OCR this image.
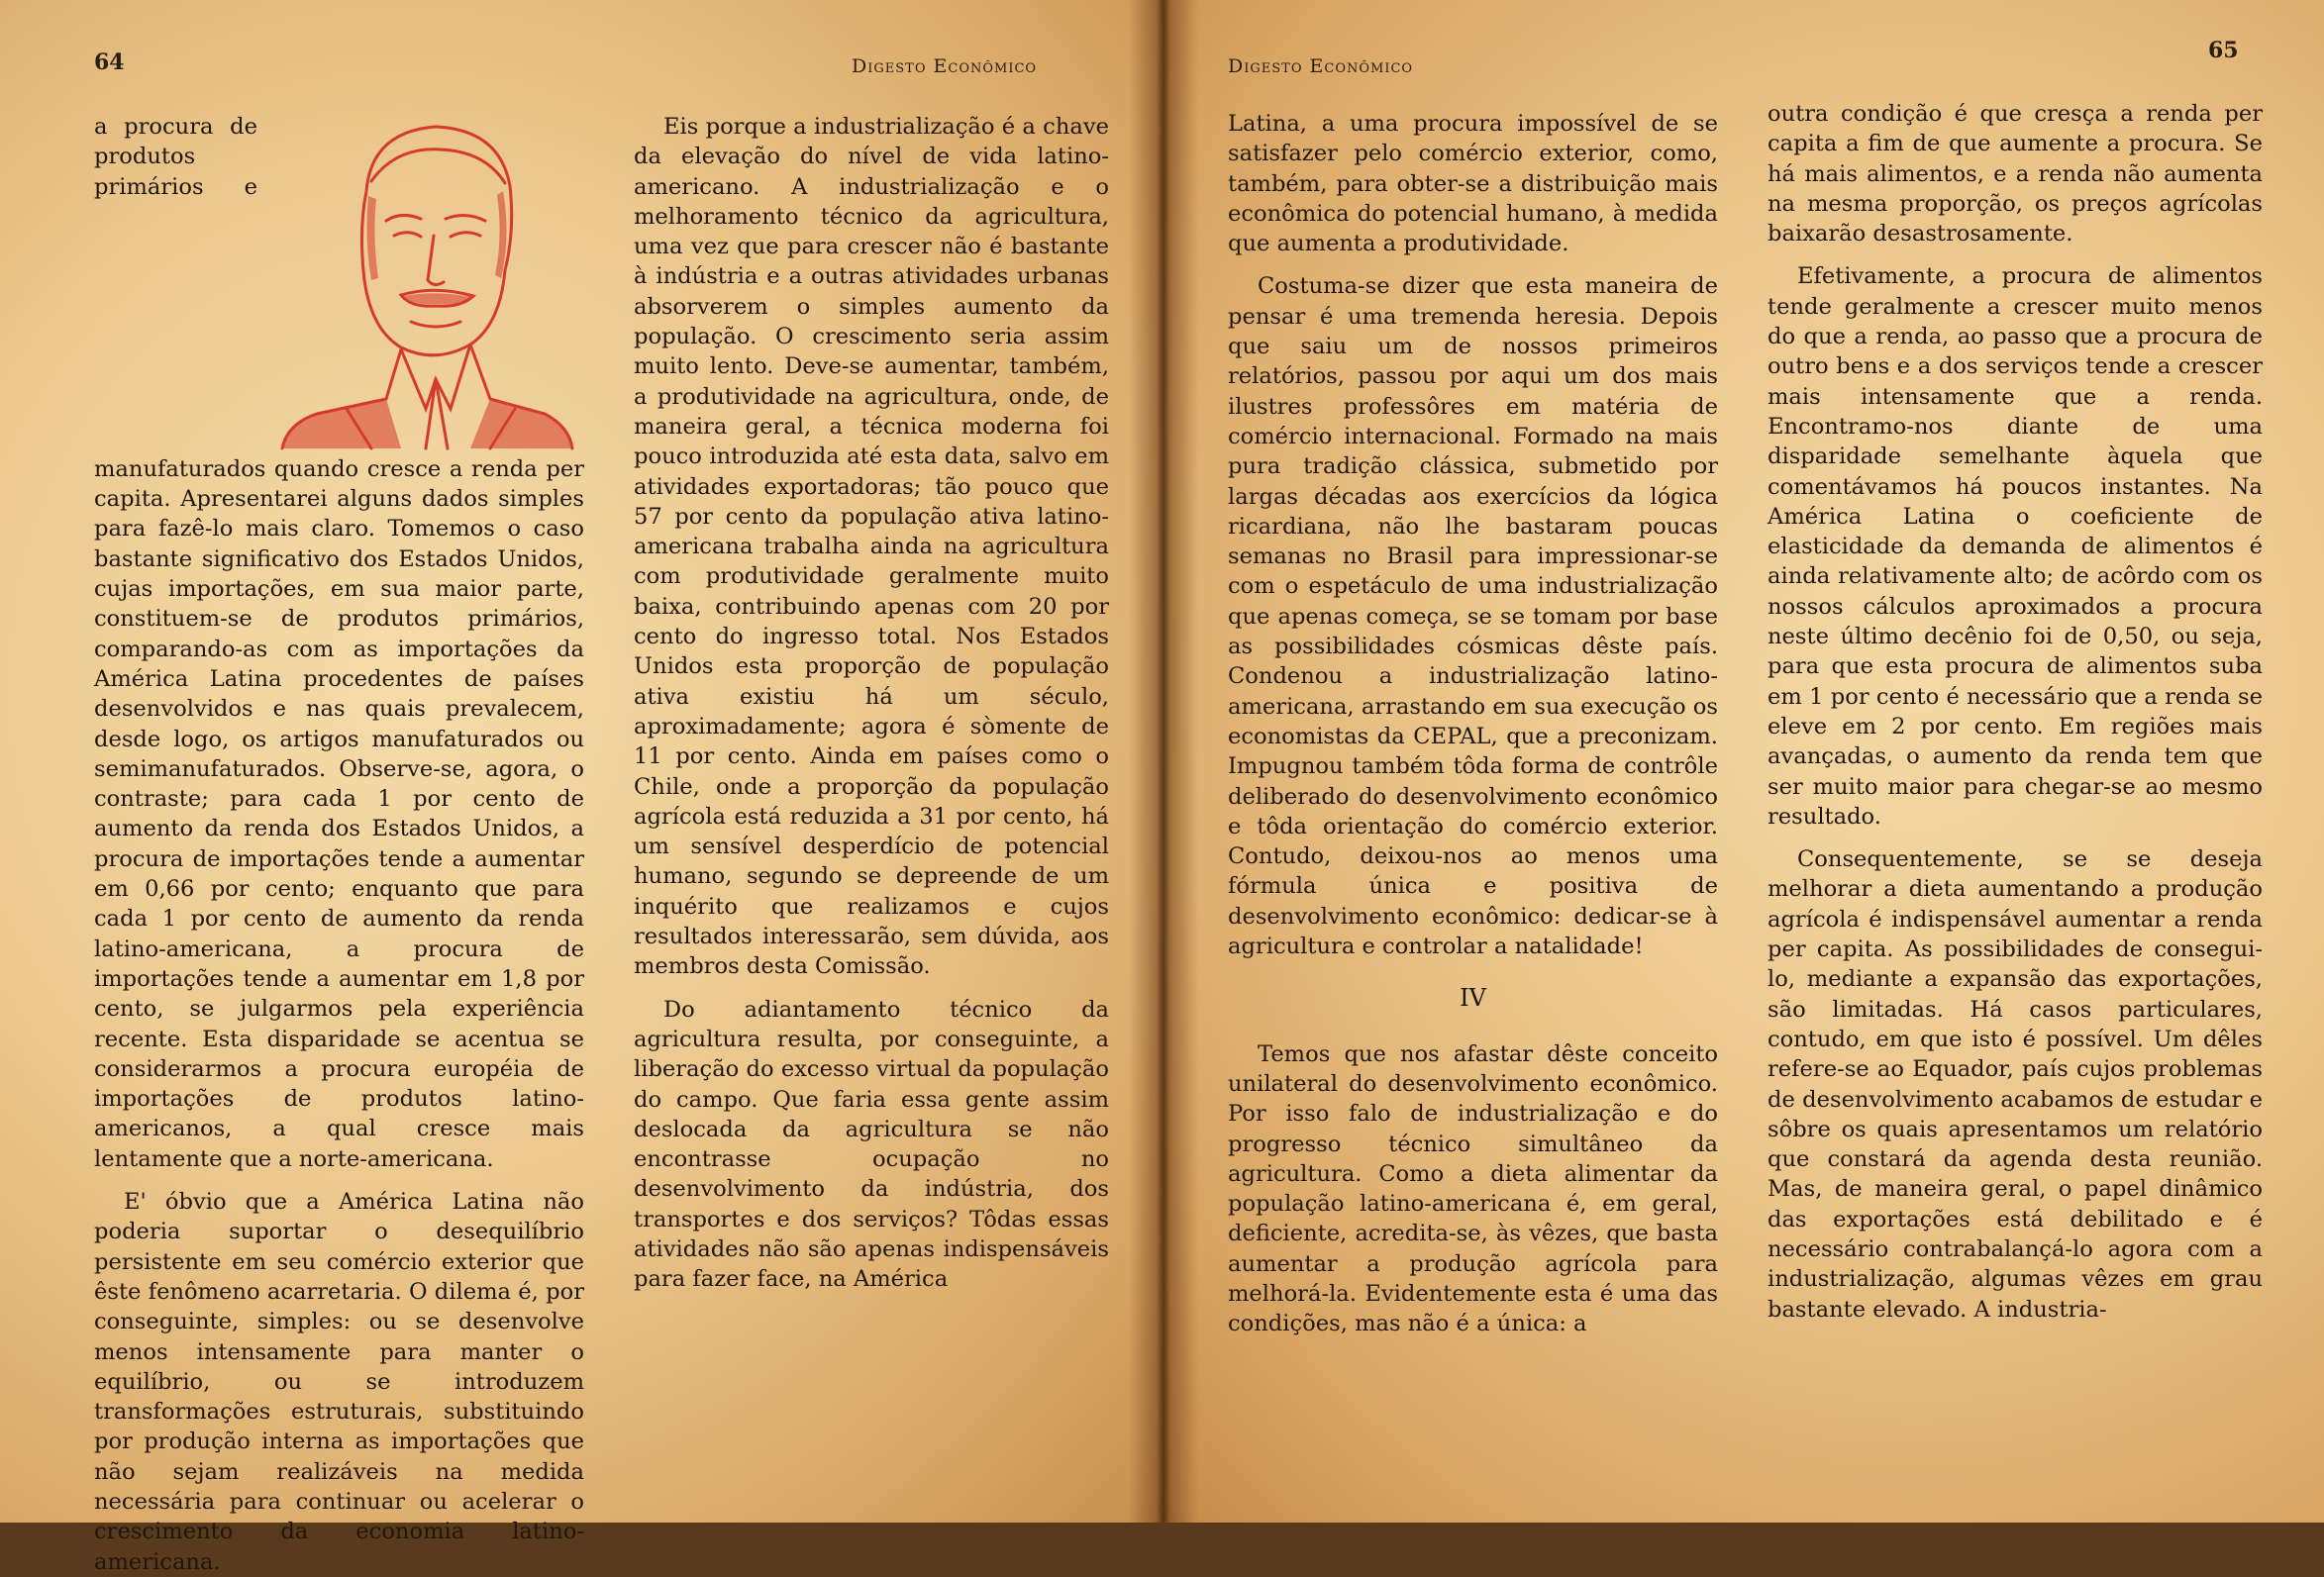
64	Digesto Econômico

a procura de produtos primários e manufaturados quando cresce a renda per capita. Apresentarei alguns dados simples para fazê-lo mais claro. Tomemos o caso bastante significativo dos Estados Unidos, cujas importações, em sua maior parte, constituem-se de produtos primários, comparando-as com as importações da América Latina procedentes de países desenvolvidos e nas quais prevalecem, desde logo, os artigos manufaturados ou semimanufaturados. Observe-se, agora, o contraste; para cada 1 por cento de aumento da renda dos Estados Unidos, a procura de importações tende a aumentar em 0,66 por cento; enquanto que para cada 1 por cento de aumento da renda latino-americana, a procura de importações tende a aumentar em 1,8 por cento, se julgarmos pela experiência recente. Esta disparidade se acentua se considerarmos a procura européia de importações de produtos latino-americanos, a qual cresce mais lentamente que a norte-americana.

E' óbvio que a América Latina não poderia suportar o desequilíbrio persistente em seu comércio exterior que êste fenômeno acarretaria. O dilema é, por conseguinte, simples: ou se desenvolve menos intensamente para manter o equilíbrio, ou se introduzem transformações estruturais, substituindo por produção interna as importações que não sejam realizáveis na medida necessária para continuar ou acelerar o crescimento da economia latino-americana.

Eis porque a industrialização é a chave da elevação do nível de vida latino-americano. A industrialização e o melhoramento técnico da agricultura, uma vez que para crescer não é bastante à indústria e a outras atividades urbanas absorverem o simples aumento da população. O crescimento seria assim muito lento. Deve-se aumentar, também, a produtividade na agricultura, onde, de maneira geral, a técnica moderna foi pouco introduzida até esta data, salvo em atividades exportadoras; tão pouco que 57 por cento da população ativa latino-americana trabalha ainda na agricultura com produtividade geralmente muito baixa, contribuindo apenas com 20 por cento do ingresso total. Nos Estados Unidos esta proporção de população ativa existiu há um século, aproximadamente; agora é sòmente de 11 por cento. Ainda em países como o Chile, onde a proporção da população agrícola está reduzida a 31 por cento, há um sensível desperdício de potencial humano, segundo se depreende de um inquérito que realizamos e cujos resultados interessarão, sem dúvida, aos membros desta Comissão.

Do adiantamento técnico da agricultura resulta, por conseguinte, a liberação do excesso virtual da população do campo. Que faria essa gente assim deslocada da agricultura se não encontrasse ocupação no desenvolvimento da indústria, dos transportes e dos serviços? Tôdas essas atividades não são apenas indispensáveis para fazer face, na América

Digesto Econômico
65

Latina, a uma procura impossível de se satisfazer pelo comércio exterior, como, também, para obter-se a distribuição mais econômica do potencial humano, à medida que aumenta a produtividade.

Costuma-se dizer que esta maneira de pensar é uma tremenda heresia. Depois que saiu um de nossos primeiros relatórios, passou por aqui um dos mais ilustres professôres em matéria de comércio internacional. Formado na mais pura tradição clássica, submetido por largas décadas aos exercícios da lógica ricardiana, não lhe bastaram poucas semanas no Brasil para impressionar-se com o espetáculo de uma industrialização que apenas começa, se se tomam por base as possibilidades cósmicas dêste país. Condenou a industrialização latino-americana, arrastando em sua execução os economistas da CEPAL, que a preconizam. Impugnou também tôda forma de contrôle deliberado do desenvolvimento econômico e tôda orientação do comércio exterior. Contudo, deixou-nos ao menos uma fórmula única e positiva de desenvolvimento econômico: dedicar-se à agricultura e controlar a natalidade!

IV

Temos que nos afastar dêste conceito unilateral do desenvolvimento econômico. Por isso falo de industrialização e do progresso técnico simultâneo da agricultura. Como a dieta alimentar da população latino-americana é, em geral, deficiente, acredita-se, às vêzes, que basta aumentar a produção agrícola para melhorá-la. Evidentemente esta é uma das condições, mas não é a única: a

outra condição é que cresça a renda per capita a fim de que aumente a procura. Se há mais alimentos, e a renda não aumenta na mesma proporção, os preços agrícolas baixarão desastrosamente.

Efetivamente, a procura de alimentos tende geralmente a crescer muito menos do que a renda, ao passo que a procura de outro bens e a dos serviços tende a crescer mais intensamente que a renda. Encontramo-nos diante de uma disparidade semelhante àquela que comentávamos há poucos instantes. Na América Latina o coeficiente de elasticidade da demanda de alimentos é ainda relativamente alto; de acôrdo com os nossos cálculos aproximados a procura neste último decênio foi de 0,50, ou seja, para que esta procura de alimentos suba em 1 por cento é necessário que a renda se eleve em 2 por cento. Em regiões mais avançadas, o aumento da renda tem que ser muito maior para chegar-se ao mesmo resultado.

Consequentemente, se se deseja melhorar a dieta aumentando a produção agrícola é indispensável aumentar a renda per capita. As possibilidades de consegui-lo, mediante a expansão das exportações, são limitadas. Há casos particulares, contudo, em que isto é possível. Um dêles refere-se ao Equador, país cujos problemas de desenvolvimento acabamos de estudar e sôbre os quais apresentamos um relatório que constará da agenda desta reunião. Mas, de maneira geral, o papel dinâmico das exportações está debilitado e é necessário contrabalançá-lo agora com a industrialização, algumas vêzes em grau bastante elevado. A industria-
